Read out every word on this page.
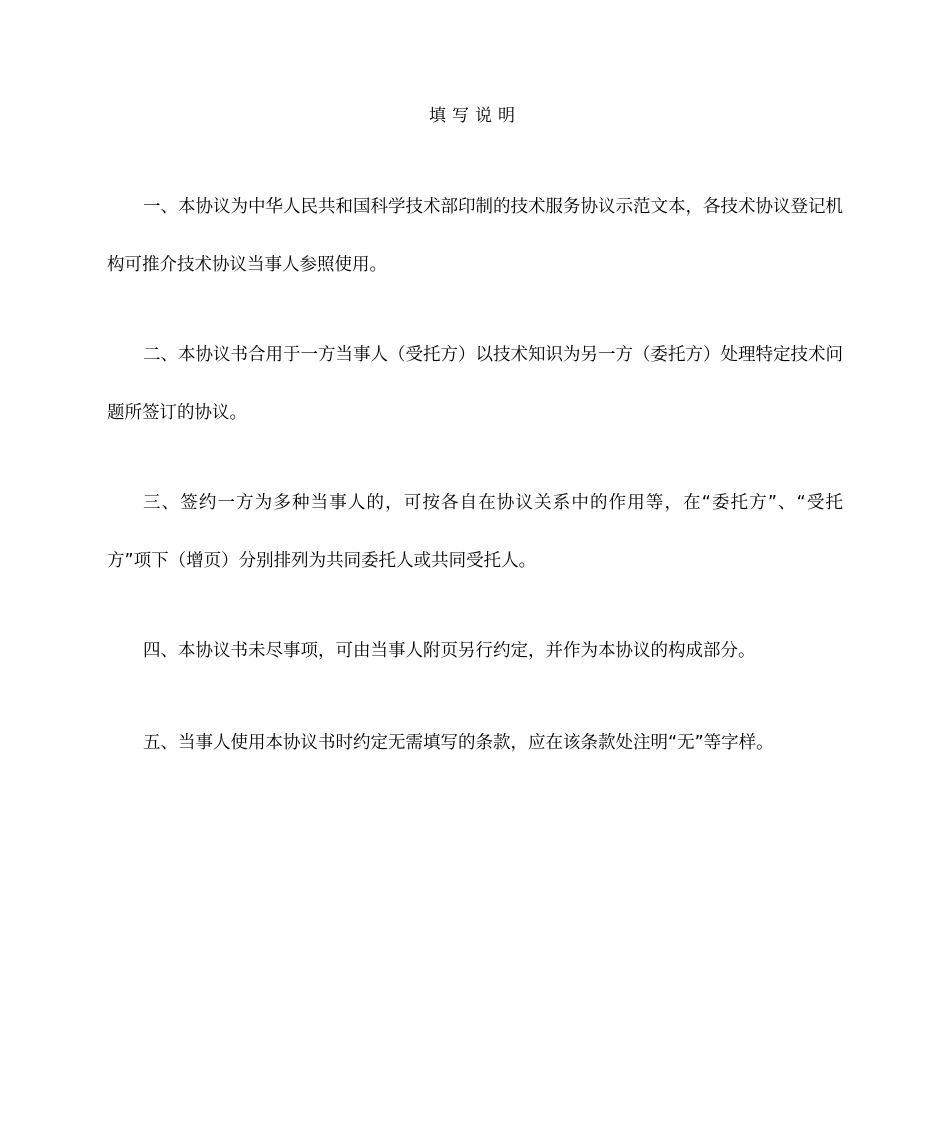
填写说明

一、本协议为中华人民共和国科学技术部印制的技术服务协议示范文本，各技术协议登记机构可推介技术协议当事人参照使用。

二、本协议书合用于一方当事人（受托方）以技术知识为另一方（委托方）处理特定技术问题所签订的协议。

三、签约一方为多种当事人的，可按各自在协议关系中的作用等，在“委托方”、“受托方”项下（增页）分别排列为共同委托人或共同受托人。

四、本协议书未尽事项，可由当事人附页另行约定，并作为本协议的构成部分。

五、当事人使用本协议书时约定无需填写的条款，应在该条款处注明“无”等字样。
